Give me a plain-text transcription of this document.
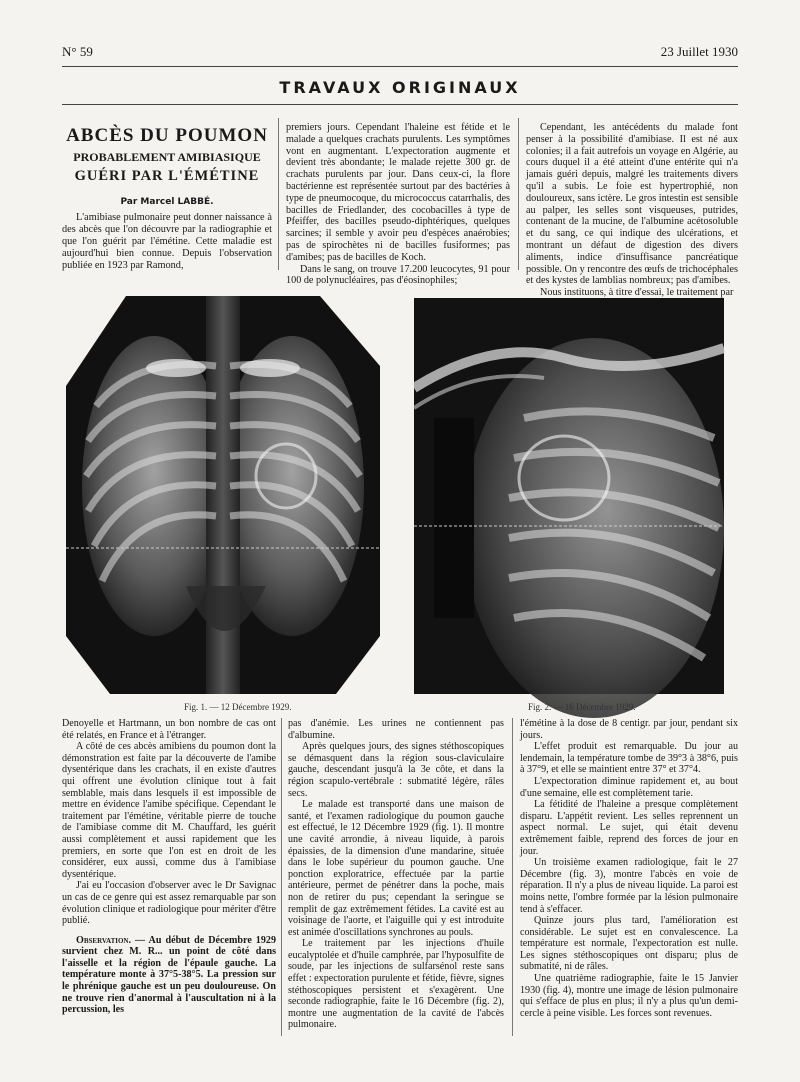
N° 59	23 Juillet 1930
TRAVAUX ORIGINAUX
ABCÈS DU POUMON
PROBABLEMENT AMIBIASIQUE
GUÉRI PAR L'ÉMÉTINE
Par Marcel LABBÉ.

L'amibiase pulmonaire peut donner naissance à des abcès que l'on découvre par la radiographie et que l'on guérit par l'émétine. Cette maladie est aujourd'hui bien connue. Depuis l'observation publiée en 1923 par Ramond,

premiers jours. Cependant l'haleine est fétide et le malade a quelques crachats purulents. Les symptômes vont en augmentant. L'expectoration augmente et devient très abondante; le malade rejette 300 gr. de crachats purulents par jour. Dans ceux-ci, la flore bactérienne est représentée surtout par des bactéries à type de pneumocoque, du micrococcus catarrhalis, des bacilles de Friedlander, des cocobacilles à type de Pfeiffer, des bacilles pseudo-diphtériques, quelques sarcines; il semble y avoir peu d'espèces anaérobies; pas de spirochètes ni de bacilles fusiformes; pas d'amibes; pas de bacilles de Koch.

Dans le sang, on trouve 17.200 leucocytes, 91 pour 100 de polynucléaires, pas d'éosinophiles;

Cependant, les antécédents du malade font penser à la possibilité d'amibiase. Il est né aux colonies; il a fait autrefois un voyage en Algérie, au cours duquel il a été atteint d'une entérite qui n'a jamais guéri depuis, malgré les traitements divers qu'il a subis. Le foie est hypertrophié, non douloureux, sans ictère. Le gros intestin est sensible au palper, les selles sont visqueuses, putrides, contenant de la mucine, de l'albumine acétosoluble et du sang, ce qui indique des ulcérations, et montrant un défaut de digestion des divers aliments, indice d'insuffisance pancréatique possible. On y rencontre des œufs de trichocéphales et des kystes de lamblias nombreux; pas d'amibes.

Nous instituons, à titre d'essai, le traitement par

Fig. 1. — 12 Décembre 1929.	Fig. 2. — 16 Décembre 1929.

Denoyelle et Hartmann, un bon nombre de cas ont été relatés, en France et à l'étranger.

A côté de ces abcès amibiens du poumon dont la démonstration est faite par la découverte de l'amibe dysentérique dans les crachats, il en existe d'autres qui offrent une évolution clinique tout à fait semblable, mais dans lesquels il est impossible de mettre en évidence l'amibe spécifique. Cependant le traitement par l'émétine, véritable pierre de touche de l'amibiase comme dit M. Chauffard, les guérit aussi complètement et aussi rapidement que les premiers, en sorte que l'on est en droit de les considérer, eux aussi, comme dus à l'amibiase dysentérique.

J'ai eu l'occasion d'observer avec le Dr Savignac un cas de ce genre qui est assez remarquable par son évolution clinique et radiologique pour mériter d'être publié.

Observation. — Au début de Décembre 1929 survient chez M. R... un point de côté dans l'aisselle et la région de l'épaule gauche. La température monte à 37°5-38°5. La pression sur le phrénique gauche est un peu douloureuse. On ne trouve rien d'anormal à l'auscultation ni à la percussion, les

pas d'anémie. Les urines ne contiennent pas d'albumine.

Après quelques jours, des signes stéthoscopiques se démasquent dans la région sous-claviculaire gauche, descendant jusqu'à la 3e côte, et dans la région scapulo-vertébrale : submatité légère, râles secs.

Le malade est transporté dans une maison de santé, et l'examen radiologique du poumon gauche est effectué, le 12 Décembre 1929 (fig. 1). Il montre une cavité arrondie, à niveau liquide, à parois épaissies, de la dimension d'une mandarine, située dans le lobe supérieur du poumon gauche. Une ponction exploratrice, effectuée par la partie antérieure, permet de pénétrer dans la poche, mais non de retirer du pus; cependant la seringue se remplit de gaz extrêmement fétides. La cavité est au voisinage de l'aorte, et l'aiguille qui y est introduite est animée d'oscillations synchrones au pouls.

Le traitement par les injections d'huile eucalyptolée et d'huile camphrée, par l'hyposulfite de soude, par les injections de sulfarsénol reste sans effet : expectoration purulente et fétide, fièvre, signes stéthoscopiques persistent et s'exagèrent. Une seconde radiographie, faite le 16 Décembre (fig. 2), montre une augmentation de la cavité de l'abcès pulmonaire.

l'émétine à la dose de 8 centigr. par jour, pendant six jours.

L'effet produit est remarquable. Du jour au lendemain, la température tombe de 39°3 à 38°6, puis à 37°9, et elle se maintient entre 37° et 37°4.

L'expectoration diminue rapidement et, au bout d'une semaine, elle est complètement tarie.

La fétidité de l'haleine a presque complètement disparu. L'appétit revient. Les selles reprennent un aspect normal. Le sujet, qui était devenu extrêmement faible, reprend des forces de jour en jour.

Un troisième examen radiologique, fait le 27 Décembre (fig. 3), montre l'abcès en voie de réparation. Il n'y a plus de niveau liquide. La paroi est moins nette, l'ombre formée par la lésion pulmonaire tend à s'effacer.

Quinze jours plus tard, l'amélioration est considérable. Le sujet est en convalescence. La température est normale, l'expectoration est nulle. Les signes stéthoscopiques ont disparu; plus de submatité, ni de râles.

Une quatrième radiographie, faite le 15 Janvier 1930 (fig. 4), montre une image de lésion pulmonaire qui s'efface de plus en plus; il n'y a plus qu'un demi-cercle à peine visible. Les forces sont revenues.
